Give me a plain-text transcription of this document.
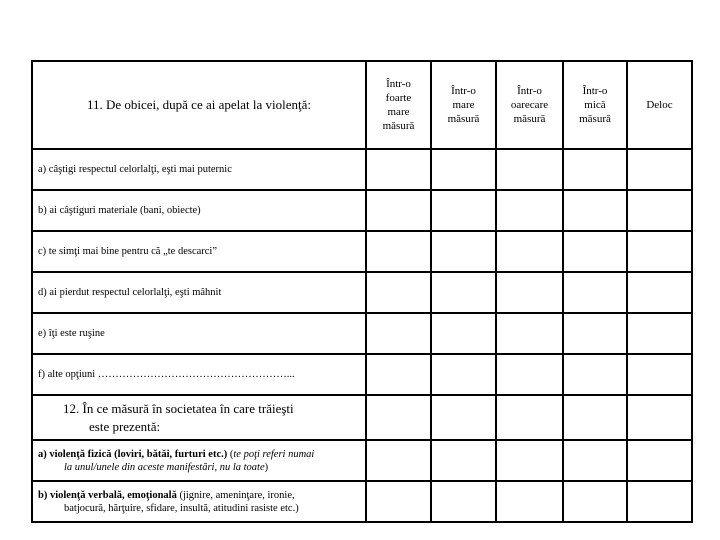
11. De obicei, după ce ai apelat la violenţă:	Într-o
foarte
mare
măsură	Într-o
mare
măsură	Într-o
oarecare
măsură	Într-o
mică
măsură	Deloc
a) câştigi respectul celorlalţi, eşti mai puternic					
b) ai câştiguri materiale (bani, obiecte)					
c) te simţi mai bine pentru că „te descarci”					
d) ai pierdut respectul celorlalţi, eşti mâhnit					
e) îţi este ruşine					
f) alte opţiuni ………………………………………………...					
12. În ce măsură în societatea în care trăieşti
este prezentă:					
a) violenţă fizică (loviri, bătăi, furturi etc.) (te poţi referi numai
la unul/unele din aceste manifestări, nu la toate)					
b) violenţă verbală, emoţională (jignire, ameninţare, ironie,
batjocură, hărţuire, sfidare, insultă, atitudini rasiste etc.)					
